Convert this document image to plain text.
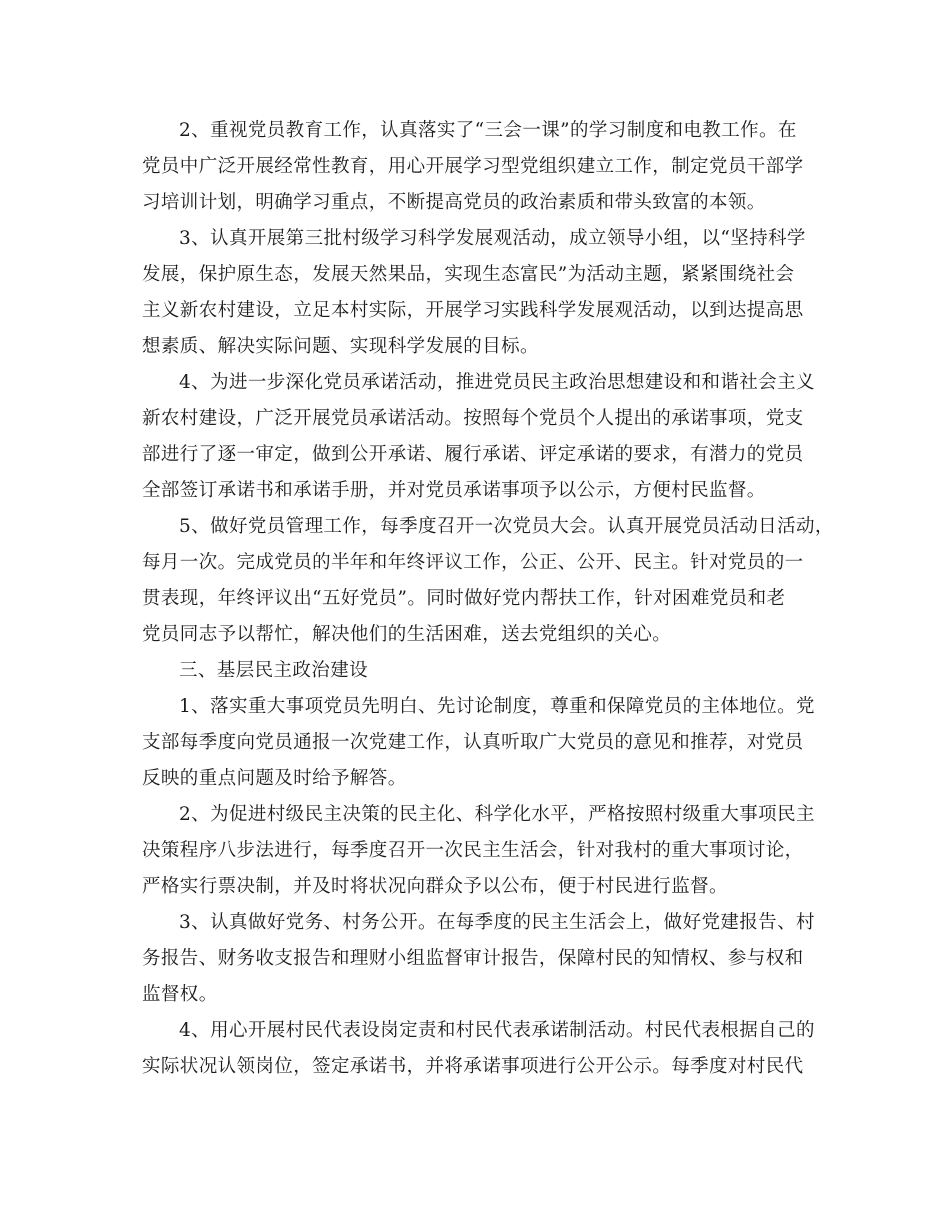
2、重视党员教育工作，认真落实了“三会一课”的学习制度和电教工作。在
党员中广泛开展经常性教育，用心开展学习型党组织建立工作，制定党员干部学
习培训计划，明确学习重点，不断提高党员的政治素质和带头致富的本领。
3、认真开展第三批村级学习科学发展观活动，成立领导小组，以“坚持科学
发展，保护原生态，发展天然果品，实现生态富民”为活动主题，紧紧围绕社会
主义新农村建设，立足本村实际，开展学习实践科学发展观活动，以到达提高思
想素质、解决实际问题、实现科学发展的目标。
4、为进一步深化党员承诺活动，推进党员民主政治思想建设和和谐社会主义
新农村建设，广泛开展党员承诺活动。按照每个党员个人提出的承诺事项，党支
部进行了逐一审定，做到公开承诺、履行承诺、评定承诺的要求，有潜力的党员
全部签订承诺书和承诺手册，并对党员承诺事项予以公示，方便村民监督。
5、做好党员管理工作，每季度召开一次党员大会。认真开展党员活动日活动，
每月一次。完成党员的半年和年终评议工作，公正、公开、民主。针对党员的一
贯表现，年终评议出“五好党员”。同时做好党内帮扶工作，针对困难党员和老
党员同志予以帮忙，解决他们的生活困难，送去党组织的关心。
三、基层民主政治建设
1、落实重大事项党员先明白、先讨论制度，尊重和保障党员的主体地位。党
支部每季度向党员通报一次党建工作，认真听取广大党员的意见和推荐，对党员
反映的重点问题及时给予解答。
2、为促进村级民主决策的民主化、科学化水平，严格按照村级重大事项民主
决策程序八步法进行，每季度召开一次民主生活会，针对我村的重大事项讨论，
严格实行票决制，并及时将状况向群众予以公布，便于村民进行监督。
3、认真做好党务、村务公开。在每季度的民主生活会上，做好党建报告、村
务报告、财务收支报告和理财小组监督审计报告，保障村民的知情权、参与权和
监督权。
4、用心开展村民代表设岗定责和村民代表承诺制活动。村民代表根据自己的
实际状况认领岗位，签定承诺书，并将承诺事项进行公开公示。每季度对村民代
